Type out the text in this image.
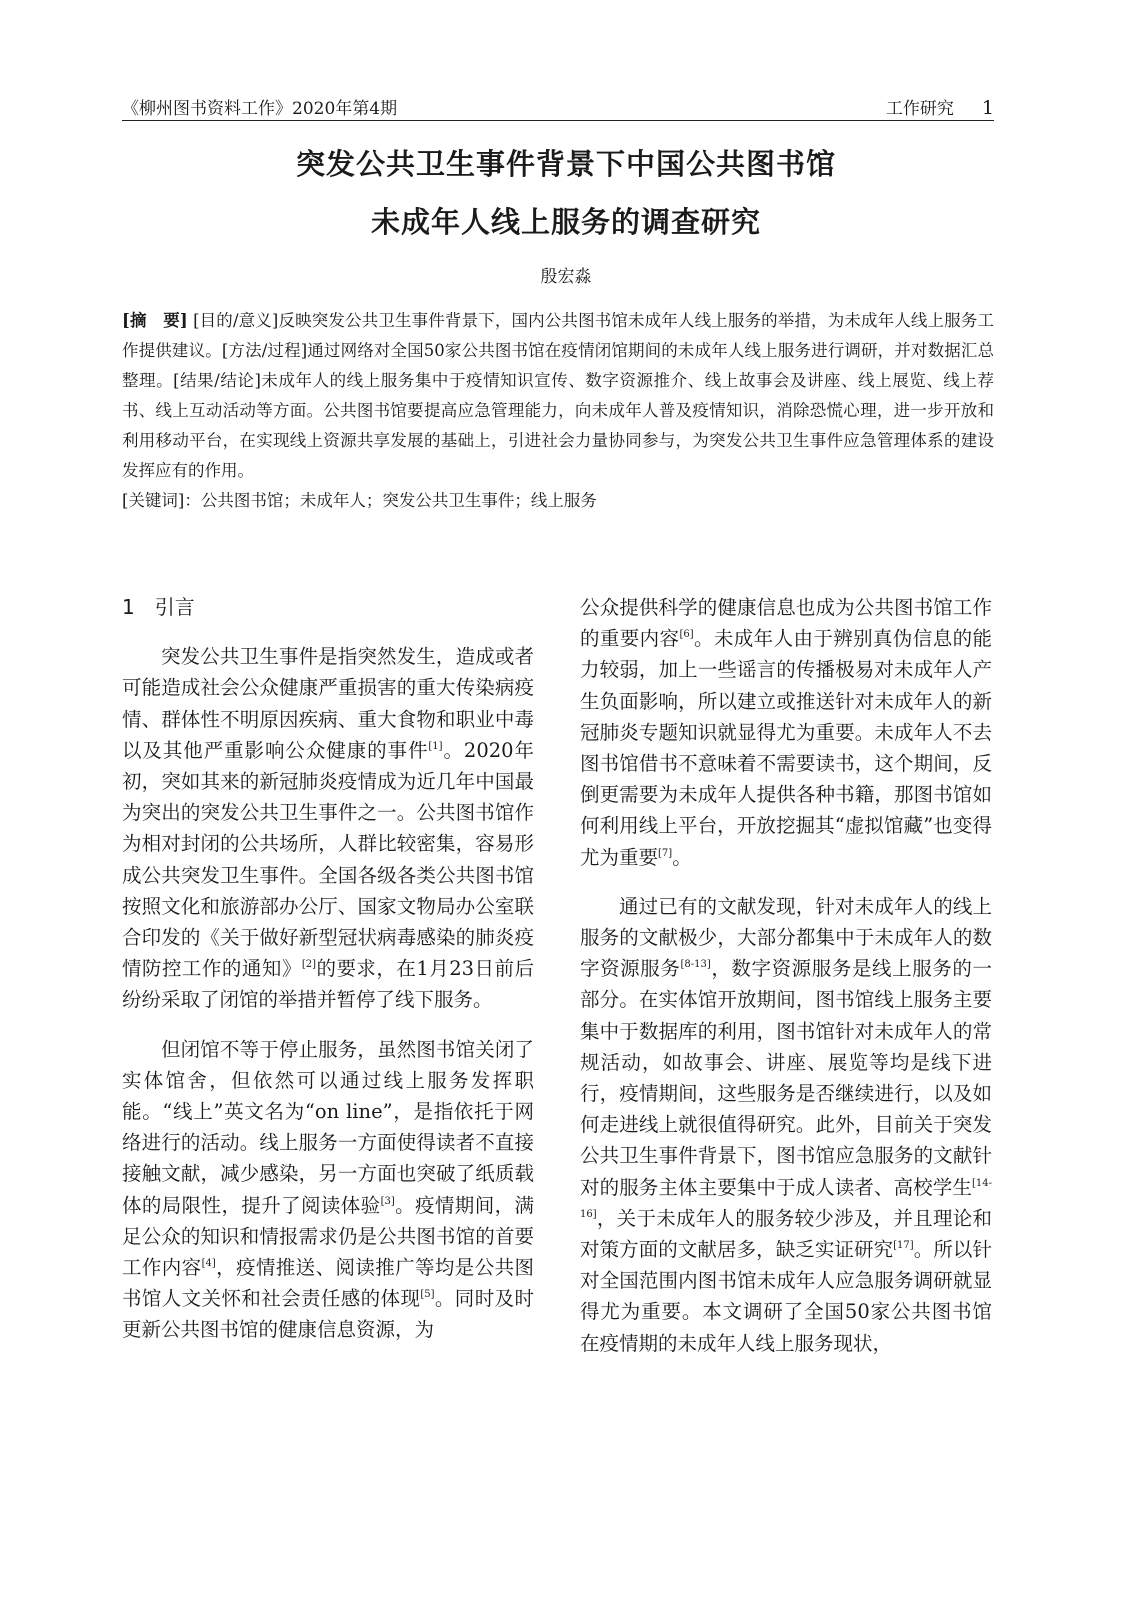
《柳州图书资料工作》2020年第4期	工作研究 1
突发公共卫生事件背景下中国公共图书馆
未成年人线上服务的调查研究
殷宏淼

[摘　要] [目的/意义]反映突发公共卫生事件背景下，国内公共图书馆未成年人线上服务的举措，为未成年人线上服务工作提供建议。[方法/过程]通过网络对全国50家公共图书馆在疫情闭馆期间的未成年人线上服务进行调研，并对数据汇总整理。[结果/结论]未成年人的线上服务集中于疫情知识宣传、数字资源推介、线上故事会及讲座、线上展览、线上荐书、线上互动活动等方面。公共图书馆要提高应急管理能力，向未成年人普及疫情知识，消除恐慌心理，进一步开放和利用移动平台，在实现线上资源共享发展的基础上，引进社会力量协同参与，为突发公共卫生事件应急管理体系的建设发挥应有的作用。

[关键词]：公共图书馆；未成年人；突发公共卫生事件；线上服务

1 引言

突发公共卫生事件是指突然发生，造成或者可能造成社会公众健康严重损害的重大传染病疫情、群体性不明原因疾病、重大食物和职业中毒以及其他严重影响公众健康的事件[1]。2020年初，突如其来的新冠肺炎疫情成为近几年中国最为突出的突发公共卫生事件之一。公共图书馆作为相对封闭的公共场所，人群比较密集，容易形成公共突发卫生事件。全国各级各类公共图书馆按照文化和旅游部办公厅、国家文物局办公室联合印发的《关于做好新型冠状病毒感染的肺炎疫情防控工作的通知》[2]的要求，在1月23日前后纷纷采取了闭馆的举措并暂停了线下服务。

但闭馆不等于停止服务，虽然图书馆关闭了实体馆舍，但依然可以通过线上服务发挥职能。“线上”英文名为“on line”，是指依托于网络进行的活动。线上服务一方面使得读者不直接接触文献，减少感染，另一方面也突破了纸质载体的局限性，提升了阅读体验[3]。疫情期间，满足公众的知识和情报需求仍是公共图书馆的首要工作内容[4]，疫情推送、阅读推广等均是公共图书馆人文关怀和社会责任感的体现[5]。同时及时更新公共图书馆的健康信息资源，为

公众提供科学的健康信息也成为公共图书馆工作的重要内容[6]。未成年人由于辨别真伪信息的能力较弱，加上一些谣言的传播极易对未成年人产生负面影响，所以建立或推送针对未成年人的新冠肺炎专题知识就显得尤为重要。未成年人不去图书馆借书不意味着不需要读书，这个期间，反倒更需要为未成年人提供各种书籍，那图书馆如何利用线上平台，开放挖掘其“虚拟馆藏”也变得尤为重要[7]。

通过已有的文献发现，针对未成年人的线上服务的文献极少，大部分都集中于未成年人的数字资源服务[8-13]，数字资源服务是线上服务的一部分。在实体馆开放期间，图书馆线上服务主要集中于数据库的利用，图书馆针对未成年人的常规活动，如故事会、讲座、展览等均是线下进行，疫情期间，这些服务是否继续进行，以及如何走进线上就很值得研究。此外，目前关于突发公共卫生事件背景下，图书馆应急服务的文献针对的服务主体主要集中于成人读者、高校学生[14-16]，关于未成年人的服务较少涉及，并且理论和对策方面的文献居多，缺乏实证研究[17]。所以针对全国范围内图书馆未成年人应急服务调研就显得尤为重要。本文调研了全国50家公共图书馆在疫情期的未成年人线上服务现状，
